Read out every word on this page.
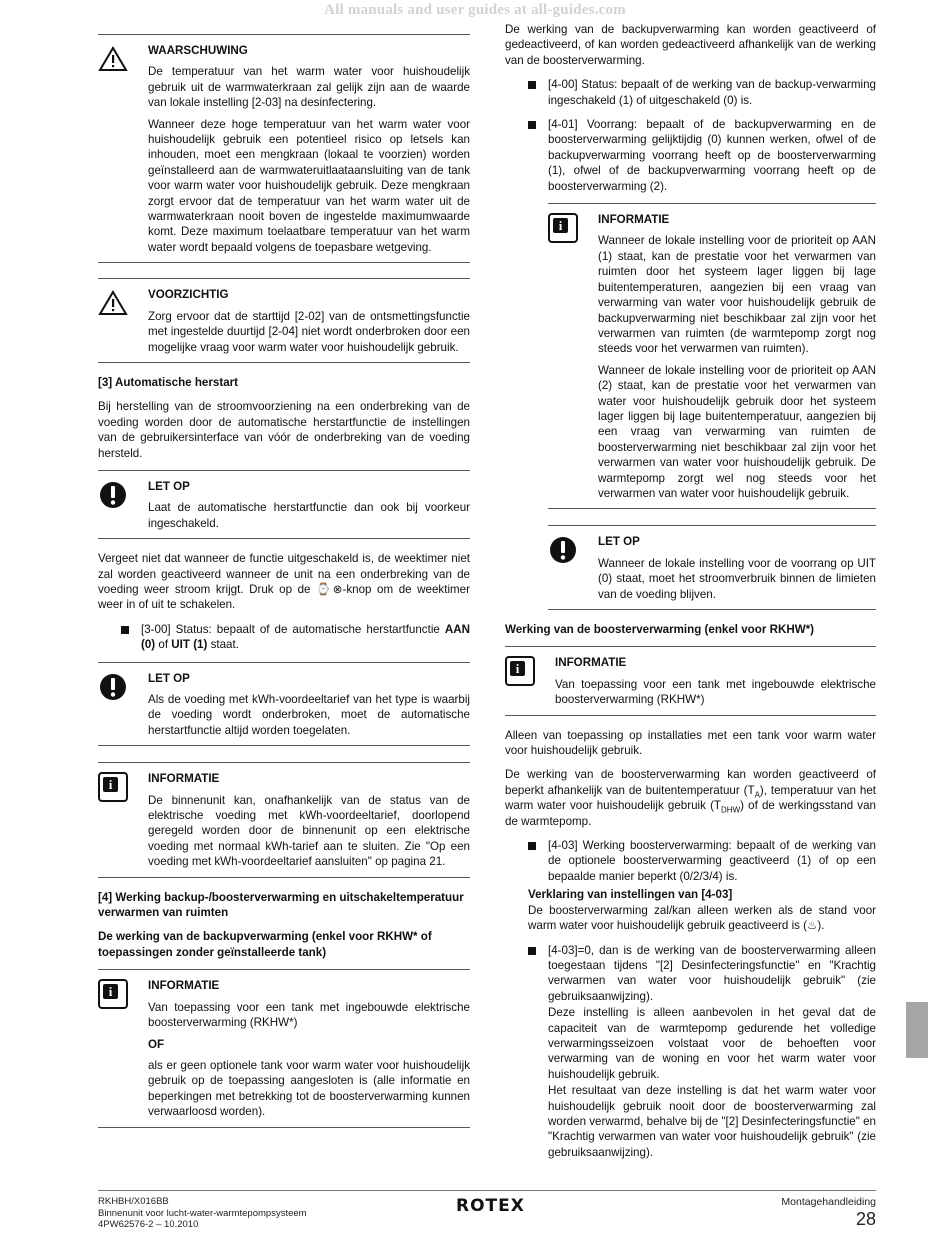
All manuals and user guides at all-guides.com
WAARSCHUWING

De temperatuur van het warm water voor huishoudelijk gebruik uit de warmwaterkraan zal gelijk zijn aan de waarde van lokale instelling [2-03] na desinfectering.

Wanneer deze hoge temperatuur van het warm water voor huishoudelijk gebruik een potentieel risico op letsels kan inhouden, moet een mengkraan (lokaal te voorzien) worden geïnstalleerd aan de warmwateruitlaataansluiting van de tank voor warm water voor huishoudelijk gebruik. Deze mengkraan zorgt ervoor dat de temperatuur van het warm water uit de warmwaterkraan nooit boven de ingestelde maximumwaarde komt. Deze maximum toelaatbare temperatuur van het warm water wordt bepaald volgens de toepasbare wetgeving.

VOORZICHTIG

Zorg ervoor dat de starttijd [2-02] van de ontsmettingsfunctie met ingestelde duurtijd [2-04] niet wordt onderbroken door een mogelijke vraag voor warm water voor huishoudelijk gebruik.

[3] Automatische herstart

Bij herstelling van de stroomvoorziening na een onderbreking van de voeding worden door de automatische herstartfunctie de instellingen van de gebruikersinterface van vóór de onderbreking van de voeding hersteld.

LET OP

Laat de automatische herstartfunctie dan ook bij voorkeur ingeschakeld.

Vergeet niet dat wanneer de functie uitgeschakeld is, de weektimer niet zal worden geactiveerd wanneer de unit na een onderbreking van de voeding weer stroom krijgt. Druk op de ⌚⊗-knop om de weektimer weer in of uit te schakelen.

[3-00] Status: bepaalt of de automatische herstartfunctie AAN (0) of UIT (1) staat.

LET OP

Als de voeding met kWh-voordeeltarief van het type is waarbij de voeding wordt onderbroken, moet de automatische herstartfunctie altijd worden toegelaten.

i	INFORMATIE

De binnenunit kan, onafhankelijk van de status van de elektrische voeding met kWh-voordeeltarief, doorlopend geregeld worden door de binnenunit op een elektrische voeding met normaal kWh-tarief aan te sluiten. Zie "Op een voeding met kWh-voordeeltarief aansluiten" op pagina 21.

[4] Werking backup-/boosterverwarming en uitschakeltemperatuur verwarmen van ruimten
De werking van de backupverwarming (enkel voor RKHW* of toepassingen zonder geïnstalleerde tank)
i	INFORMATIE

Van toepassing voor een tank met ingebouwde elektrische boosterverwarming (RKHW*)

OF

als er geen optionele tank voor warm water voor huishoudelijk gebruik op de toepassing aangesloten is (alle informatie en beperkingen met betrekking tot de boosterverwarming kunnen verwaarloosd worden).

De werking van de backupverwarming kan worden geactiveerd of gedeactiveerd, of kan worden gedeactiveerd afhankelijk van de werking van de boosterverwarming.

[4-00] Status: bepaalt of de werking van de backup-verwarming ingeschakeld (1) of uitgeschakeld (0) is.

[4-01] Voorrang: bepaalt of de backupverwarming en de boosterverwarming gelijktijdig (0) kunnen werken, ofwel of de backupverwarming voorrang heeft op de boosterverwarming (1), ofwel of de backupverwarming voorrang heeft op de boosterverwarming (2).

i	INFORMATIE

Wanneer de lokale instelling voor de prioriteit op AAN (1) staat, kan de prestatie voor het verwarmen van ruimten door het systeem lager liggen bij lage buitentemperaturen, aangezien bij een vraag van verwarming van water voor huishoudelijk gebruik de backupverwarming niet beschikbaar zal zijn voor het verwarmen van ruimten (de warmtepomp zorgt nog steeds voor het verwarmen van ruimten).

Wanneer de lokale instelling voor de prioriteit op AAN (2) staat, kan de prestatie voor het verwarmen van water voor huishoudelijk gebruik door het systeem lager liggen bij lage buitentemperatuur, aangezien bij een vraag van verwarming van ruimten de boosterverwarming niet beschikbaar zal zijn voor het verwarmen van water voor huishoudelijk gebruik. De warmtepomp zorgt wel nog steeds voor het verwarmen van water voor huishoudelijk gebruik.

LET OP

Wanneer de lokale instelling voor de voorrang op UIT (0) staat, moet het stroomverbruik binnen de limieten van de voeding blijven.

Werking van de boosterverwarming (enkel voor RKHW*)
i	INFORMATIE

Van toepassing voor een tank met ingebouwde elektrische boosterverwarming (RKHW*)

Alleen van toepassing op installaties met een tank voor warm water voor huishoudelijk gebruik.

De werking van de boosterverwarming kan worden geactiveerd of beperkt afhankelijk van de buitentemperatuur $(T_A)$, temperatuur van het warm water voor huishoudelijk gebruik $(T_{DHW})$ of de werkingsstand van de warmtepomp.

[4-03] Werking boosterverwarming: bepaalt of de werking van de optionele boosterverwarming geactiveerd (1) of op een bepaalde manier beperkt (0/2/3/4) is.

Verklaring van instellingen van [4-03]

De boosterverwarming zal/kan alleen werken als de stand voor warm water voor huishoudelijk gebruik geactiveerd is (♨).

[4-03]=0, dan is de werking van de boosterverwarming alleen toegestaan tijdens "[2] Desinfecteringsfunctie" en "Krachtig verwarmen van water voor huishoudelijk gebruik" (zie gebruiksaanwijzing).

Deze instelling is alleen aanbevolen in het geval dat de capaciteit van de warmtepomp gedurende het volledige verwarmingsseizoen volstaat voor de behoeften voor verwarming van de woning en voor het warm water voor huishoudelijk gebruik.

Het resultaat van deze instelling is dat het warm water voor huishoudelijk gebruik nooit door de boosterverwarming zal worden verwarmd, behalve bij de "[2] Desinfecteringsfunctie" en "Krachtig verwarmen van water voor huishoudelijk gebruik" (zie gebruiksaanwijzing).

RKHBH/X016BB
Binnenunit voor lucht-water-warmtepompsysteem
4PW62576-2 – 10.2010
ROTEX	Montagehandleiding
28
